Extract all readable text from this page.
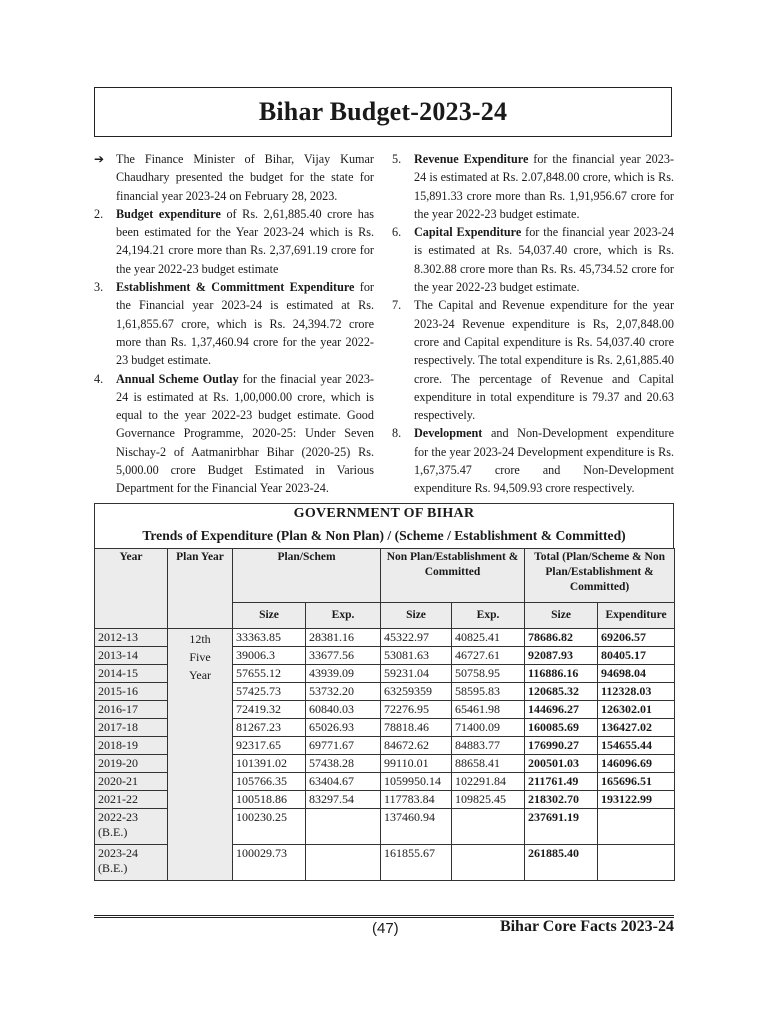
Bihar Budget-2023-24
➔ The Finance Minister of Bihar, Vijay Kumar Chaudhary presented the budget for the state for financial year 2023-24 on February 28, 2023.
2. Budget expenditure of Rs. 2,61,885.40 crore has been estimated for the Year 2023-24 which is Rs. 24,194.21 crore more than Rs. 2,37,691.19 crore for the year 2022-23 budget estimate
3. Establishment & Committment Expenditure for the Financial year 2023-24 is estimated at Rs. 1,61,855.67 crore, which is Rs. 24,394.72 crore more than Rs. 1,37,460.94 crore for the year 2022-23 budget estimate.
4. Annual Scheme Outlay for the finacial year 2023-24 is estimated at Rs. 1,00,000.00 crore, which is equal to the year 2022-23 budget estimate. Good Governance Programme, 2020-25: Under Seven Nischay-2 of Aatmanirbhar Bihar (2020-25) Rs. 5,000.00 crore Budget Estimated in Various Department for the Financial Year 2023-24.
5. Revenue Expenditure for the financial year 2023-24 is estimated at Rs. 2.07,848.00 crore, which is Rs. 15,891.33 crore more than Rs. 1,91,956.67 crore for the year 2022-23 budget estimate.
6. Capital Expenditure for the financial year 2023-24 is estimated at Rs. 54,037.40 crore, which is Rs. 8.302.88 crore more than Rs. Rs. 45,734.52 crore for the year 2022-23 budget estimate.
7. The Capital and Revenue expenditure for the year 2023-24 Revenue expenditure is Rs, 2,07,848.00 crore and Capital expenditure is Rs. 54,037.40 crore respectively. The total expenditure is Rs. 2,61,885.40 crore. The percentage of Revenue and Capital expenditure in total expenditure is 79.37 and 20.63 respectively.
8. Development and Non-Development expenditure for the year 2023-24 Development expenditure is Rs. 1,67,375.47 crore and Non-Development expenditure Rs. 94,509.93 crore respectively.
GOVERNMENT OF BIHAR
Trends of Expenditure (Plan & Non Plan) / (Scheme / Establishment & Committed)
Year	Plan Year	Plan/Schem		Non Plan/Establishment & Committed		Total (Plan/Scheme & Non Plan/Establishment & Committed)	
		Size	Exp.	Size	Exp.	Size	Expenditure
2012-13	12th Five Year	33363.85	28381.16	45322.97	40825.41	78686.82	69206.57
2013-14		39006.3	33677.56	53081.63	46727.61	92087.93	80405.17
2014-15		57655.12	43939.09	59231.04	50758.95	116886.16	94698.04
2015-16		57425.73	53732.20	63259359	58595.83	120685.32	112328.03
2016-17		72419.32	60840.03	72276.95	65461.98	144696.27	126302.01
2017-18		81267.23	65026.93	78818.46	71400.09	160085.69	136427.02
2018-19		92317.65	69771.67	84672.62	84883.77	176990.27	154655.44
2019-20		101391.02	57438.28	99110.01	88658.41	200501.03	146096.69
2020-21		105766.35	63404.67	1059950.14	102291.84	211761.49	165696.51
2021-22		100518.86	83297.54	117783.84	109825.45	218302.70	193122.99
2022-23 (B.E.)		100230.25		137460.94		237691.19	
2023-24 (B.E.)		100029.73		161855.67		261885.40	
(47)	Bihar Core Facts 2023-24
